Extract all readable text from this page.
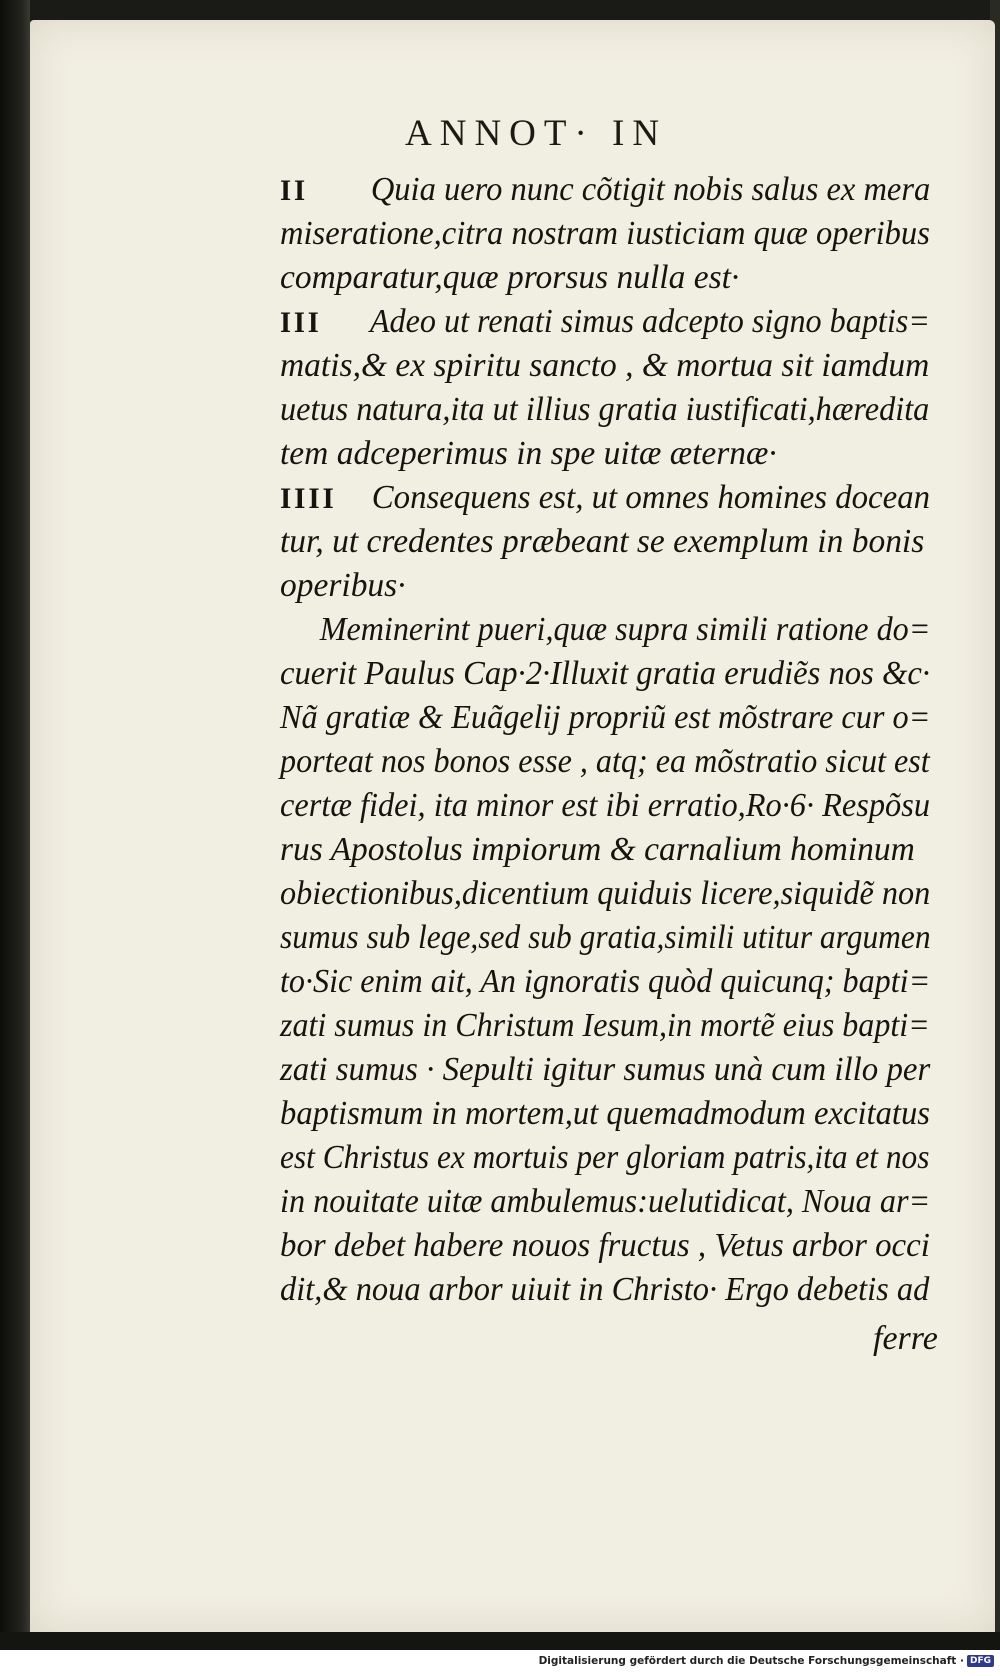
ANNOT· IN
II Quia uero nunc cõtigit nobis salus ex mera
miseratione,citra nostram iusticiam quæ operibus
comparatur,quæ prorsus nulla est·
III Adeo ut renati simus adcepto signo baptis=
matis,& ex spiritu sancto , & mortua sit iamdum
uetus natura,ita ut illius gratia iustificati,hæredita
tem adceperimus in spe uitæ æternæ·
IIII Consequens est, ut omnes homines docean
tur, ut credentes præbeant se exemplum in bonis
operibus·
Meminerint pueri,quæ supra simili ratione do=
cuerit Paulus Cap·2·Illuxit gratia erudiẽs nos &c·
Nã gratiæ & Euãgelij propriũ est mõstrare cur o=
porteat nos bonos esse , atq; ea mõstratio sicut est
certæ fidei, ita minor est ibi erratio,Ro·6· Respõsu
rus Apostolus impiorum & carnalium hominum
obiectionibus,dicentium quiduis licere,siquidẽ non
sumus sub lege,sed sub gratia,simili utitur argumen
to·Sic enim ait, An ignoratis quòd quicunq; bapti=
zati sumus in Christum Iesum,in mortẽ eius bapti=
zati sumus · Sepulti igitur sumus unà cum illo per
baptismum in mortem,ut quemadmodum excitatus
est Christus ex mortuis per gloriam patris,ita et nos
in nouitate uitæ ambulemus:uelutidicat, Noua ar=
bor debet habere nouos fructus , Vetus arbor occi
dit,& noua arbor uiuit in Christo· Ergo debetis ad
ferre
Digitalisierung gefördert durch die Deutsche Forschungsgemeinschaft · DFG
